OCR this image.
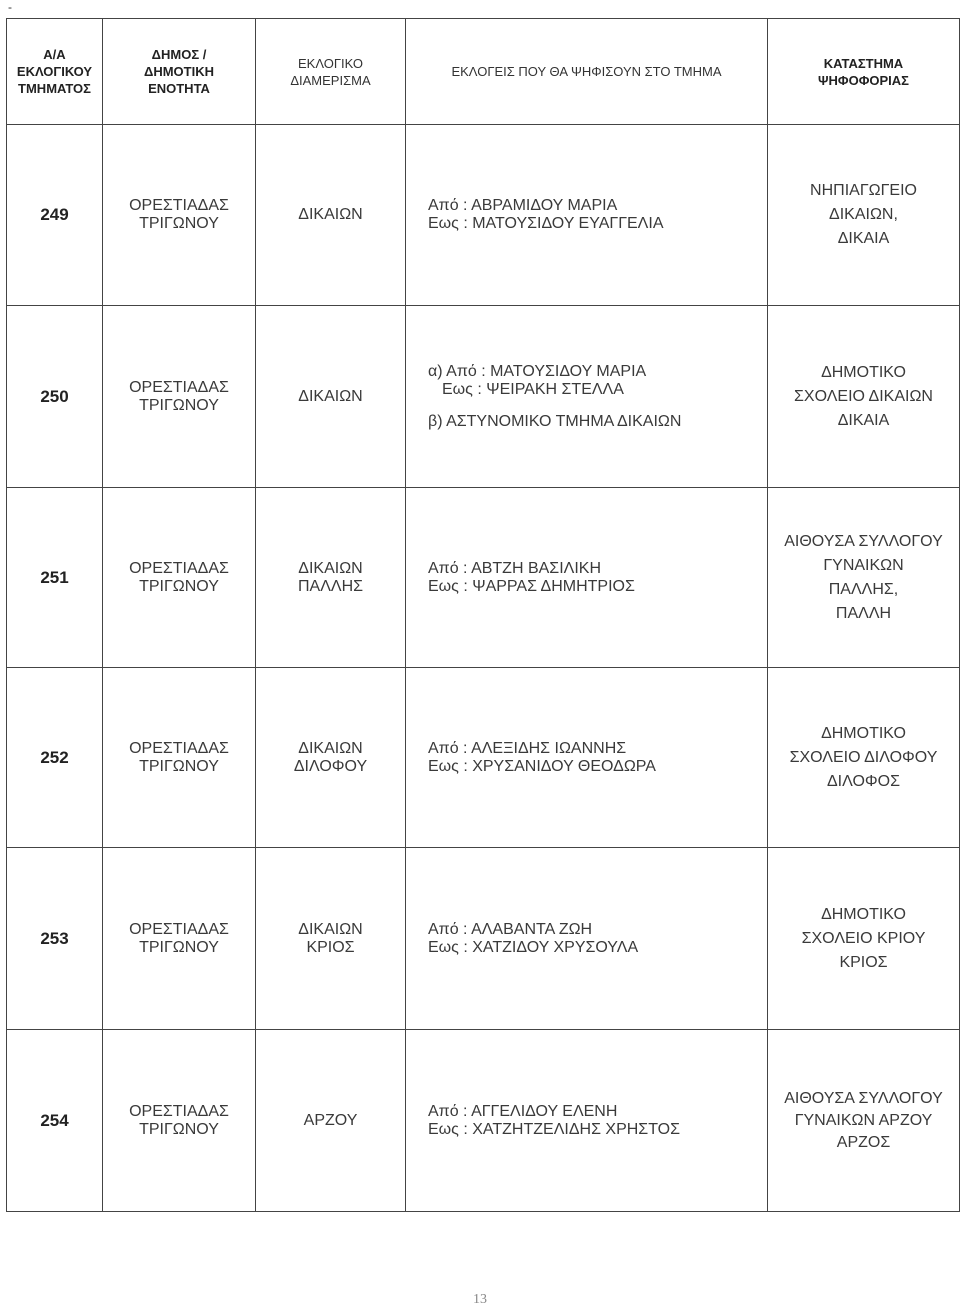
-
Α/Α
ΕΚΛΟΓΙΚΟΥ
ΤΜΗΜΑΤΟΣ	ΔΗΜΟΣ /
ΔΗΜΟΤΙΚΗ
ΕΝΟΤΗΤΑ	ΕΚΛΟΓΙΚΟ
ΔΙΑΜΕΡΙΣΜΑ	ΕΚΛΟΓΕΙΣ ΠΟΥ ΘΑ ΨΗΦΙΣΟΥΝ ΣΤΟ ΤΜΗΜΑ	ΚΑΤΑΣΤΗΜΑ
ΨΗΦΟΦΟΡΙΑΣ

249	ΟΡΕΣΤΙΑΔΑΣ
ΤΡΙΓΩΝΟΥ	ΔΙΚΑΙΩΝ	Από : ΑΒΡΑΜΙΔΟΥ ΜΑΡΙΑ
Εως : ΜΑΤΟΥΣΙΔΟΥ ΕΥΑΓΓΕΛΙΑ	ΝΗΠΙΑΓΩΓΕΙΟ
ΔΙΚΑΙΩΝ,
ΔΙΚΑΙΑ

250	ΟΡΕΣΤΙΑΔΑΣ
ΤΡΙΓΩΝΟΥ	ΔΙΚΑΙΩΝ	α) Από : ΜΑΤΟΥΣΙΔΟΥ ΜΑΡΙΑ
Εως : ΨΕΙΡΑΚΗ ΣΤΕΛΛΑ
β) ΑΣΤΥΝΟΜΙΚΟ ΤΜΗΜΑ ΔΙΚΑΙΩΝ	ΔΗΜΟΤΙΚΟ
ΣΧΟΛΕΙΟ ΔΙΚΑΙΩΝ
ΔΙΚΑΙΑ

251	ΟΡΕΣΤΙΑΔΑΣ
ΤΡΙΓΩΝΟΥ	ΔΙΚΑΙΩΝ
ΠΑΛΛΗΣ	Από : ΑΒΤΖΗ ΒΑΣΙΛΙΚΗ
Εως : ΨΑΡΡΑΣ ΔΗΜΗΤΡΙΟΣ	ΑΙΘΟΥΣΑ ΣΥΛΛΟΓΟΥ
ΓΥΝΑΙΚΩΝ
ΠΑΛΛΗΣ,
ΠΑΛΛΗ

252	ΟΡΕΣΤΙΑΔΑΣ
ΤΡΙΓΩΝΟΥ	ΔΙΚΑΙΩΝ
ΔΙΛΟΦΟΥ	Από : ΑΛΕΞΙΔΗΣ ΙΩΑΝΝΗΣ
Εως : ΧΡΥΣΑΝΙΔΟΥ ΘΕΟΔΩΡΑ	ΔΗΜΟΤΙΚΟ
ΣΧΟΛΕΙΟ ΔΙΛΟΦΟΥ
ΔΙΛΟΦΟΣ

253	ΟΡΕΣΤΙΑΔΑΣ
ΤΡΙΓΩΝΟΥ	ΔΙΚΑΙΩΝ
ΚΡΙΟΣ	Από : ΑΛΑΒΑΝΤΑ ΖΩΗ
Εως : ΧΑΤΖΙΔΟΥ ΧΡΥΣΟΥΛΑ	ΔΗΜΟΤΙΚΟ
ΣΧΟΛΕΙΟ ΚΡΙΟΥ
ΚΡΙΟΣ

254	ΟΡΕΣΤΙΑΔΑΣ
ΤΡΙΓΩΝΟΥ	ΑΡΖΟΥ	Από : ΑΓΓΕΛΙΔΟΥ ΕΛΕΝΗ
Εως : ΧΑΤΖΗΤΖΕΛΙΔΗΣ ΧΡΗΣΤΟΣ	ΑΙΘΟΥΣΑ ΣΥΛΛΟΓΟΥ
ΓΥΝΑΙΚΩΝ ΑΡΖΟΥ
ΑΡΖΟΣ
13
